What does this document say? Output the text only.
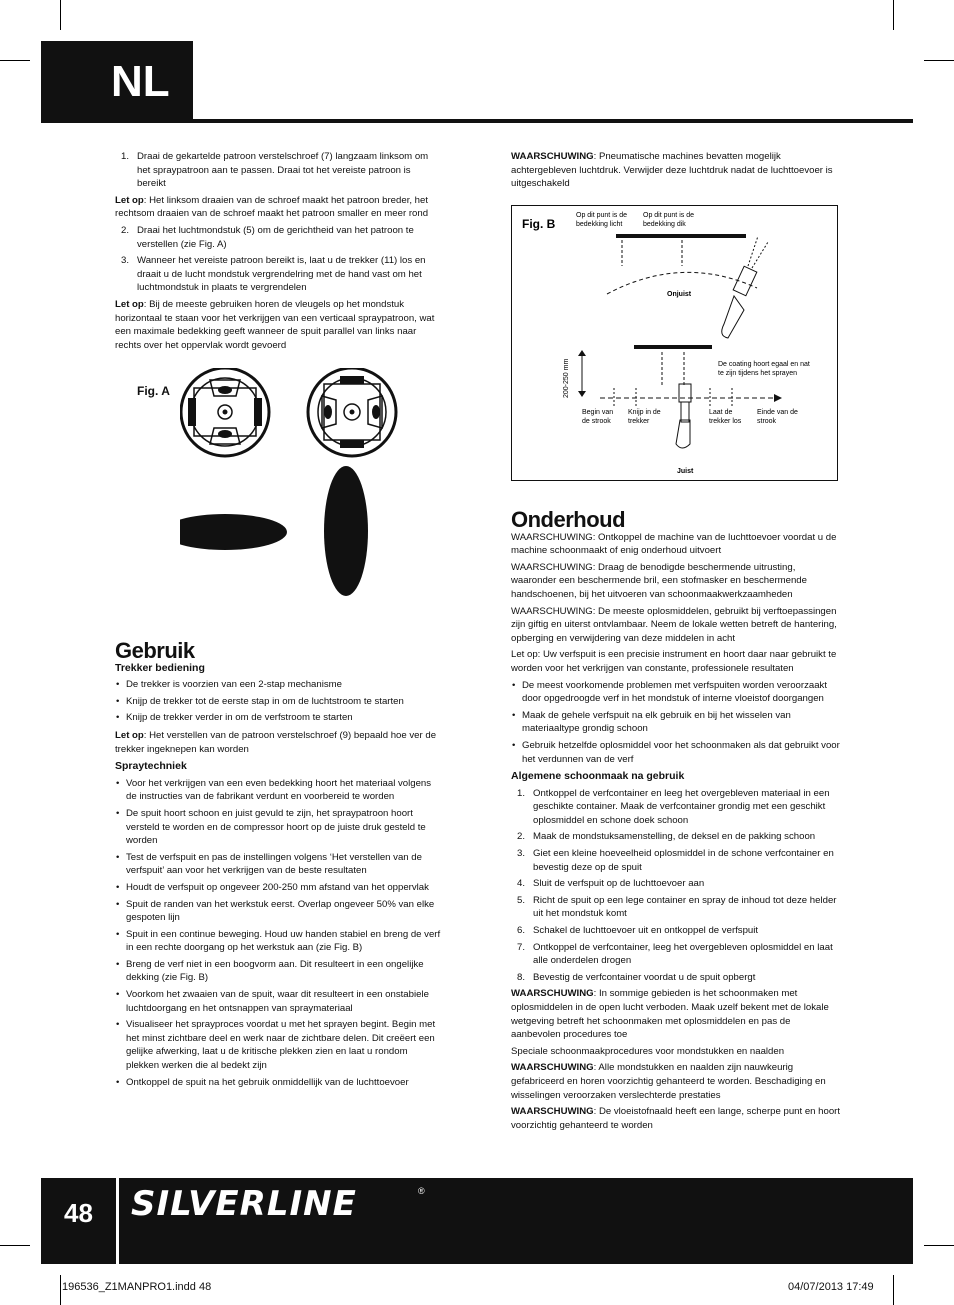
NL
1. Draai de gekartelde patroon verstelschroef (7) langzaam linksom om het spraypatroon aan te passen. Draai tot het vereiste patroon is bereikt

Let op: Het linksom draaien van de schroef maakt het patroon breder, het rechtsom draaien van de schroef maakt het patroon smaller en meer rond

2. Draai het luchtmondstuk (5) om de gerichtheid van het patroon te verstellen (zie Fig. A)
3. Wanneer het vereiste patroon bereikt is, laat u de trekker (11) los en draait u de lucht mondstuk vergrendelring met de hand vast om het luchtmondstuk in plaats te vergrendelen

Let op: Bij de meeste gebruiken horen de vleugels op het mondstuk horizontaal te staan voor het verkrijgen van een verticaal spraypatroon, wat een maximale bedekking geeft wanneer de spuit parallel van links naar rechts over het oppervlak wordt gevoerd

Fig. A
Gebruik
Trekker bediening
• De trekker is voorzien van een 2-stap mechanisme
• Knijp de trekker tot de eerste stap in om de luchtstroom te starten
• Knijp de trekker verder in om de verfstroom te starten

Let op: Het verstellen van de patroon verstelschroef (9) bepaald hoe ver de trekker ingeknepen kan worden

Spraytechniek
• Voor het verkrijgen van een even bedekking hoort het materiaal volgens de instructies van de fabrikant verdunt en voorbereid te worden
• De spuit hoort schoon en juist gevuld te zijn, het spraypatroon hoort versteld te worden en de compressor hoort op de juiste druk gesteld te worden
• Test de verfspuit en pas de instellingen volgens ‘Het verstellen van de verfspuit’ aan voor het verkrijgen van de beste resultaten
• Houdt de verfspuit op ongeveer 200-250 mm afstand van het oppervlak
• Spuit de randen van het werkstuk eerst. Overlap ongeveer 50% van elke gespoten lijn
• Spuit in een continue beweging. Houd uw handen stabiel en breng de verf in een rechte doorgang op het werkstuk aan (zie Fig. B)
• Breng de verf niet in een boogvorm aan. Dit resulteert in een ongelijke dekking (zie Fig. B)
• Voorkom het zwaaien van de spuit, waar dit resulteert in een onstabiele luchtdoorgang en het ontsnappen van spraymateriaal
• Visualiseer het sprayproces voordat u met het sprayen begint. Begin met het minst zichtbare deel en werk naar de zichtbare delen. Dit creëert een gelijke afwerking, laat u de kritische plekken zien en laat u rondom plekken werken die al bedekt zijn
• Ontkoppel de spuit na het gebruik onmiddellijk van de luchttoevoer

WAARSCHUWING: Pneumatische machines bevatten mogelijk achtergebleven luchtdruk. Verwijder deze luchtdruk nadat de luchttoevoer is uitgeschakeld

Fig. B
Op dit punt is de
bedekking licht
Op dit punt is de
bedekking dik
Onjuist
De coating hoort egaal en nat
te zijn tijdens het sprayen
200-250 mm
Begin van
de strook
Knijp in de
trekker
Laat de
trekker los
Einde van de
strook
Juist
Onderhoud

WAARSCHUWING: Ontkoppel de machine van de luchttoevoer voordat u de machine schoonmaakt of enig onderhoud uitvoert

WAARSCHUWING: Draag de benodigde beschermende uitrusting, waaronder een beschermende bril, een stofmasker en beschermende handschoenen, bij het uitvoeren van schoonmaakwerkzaamheden

WAARSCHUWING: De meeste oplosmiddelen, gebruikt bij verftoepassingen zijn giftig en uiterst ontvlambaar. Neem de lokale wetten betreft de hantering, opberging en verwijdering van deze middelen in acht

Let op: Uw verfspuit is een precisie instrument en hoort daar naar gebruikt te worden voor het verkrijgen van constante, professionele resultaten

• De meest voorkomende problemen met verfspuiten worden veroorzaakt door opgedroogde verf in het mondstuk of interne vloeistof doorgangen
• Maak de gehele verfspuit na elk gebruik en bij het wisselen van materiaaltype grondig schoon
• Gebruik hetzelfde oplosmiddel voor het schoonmaken als dat gebruikt voor het verdunnen van de verf
Algemene schoonmaak na gebruik
1. Ontkoppel de verfcontainer en leeg het overgebleven materiaal in een geschikte container. Maak de verfcontainer grondig met een geschikt oplosmiddel en schone doek schoon
2. Maak de mondstuksamenstelling, de deksel en de pakking schoon
3. Giet een kleine hoeveelheid oplosmiddel in de schone verfcontainer en bevestig deze op de spuit
4. Sluit de verfspuit op de luchttoevoer aan
5. Richt de spuit op een lege container en spray de inhoud tot deze helder uit het mondstuk komt
6. Schakel de luchttoevoer uit en ontkoppel de verfspuit
7. Ontkoppel de verfcontainer, leeg het overgebleven oplosmiddel en laat alle onderdelen drogen
8. Bevestig de verfcontainer voordat u de spuit opbergt

WAARSCHUWING: In sommige gebieden is het schoonmaken met oplosmiddelen in de open lucht verboden. Maak uzelf bekent met de lokale wetgeving betreft het schoonmaken met oplosmiddelen en pas de aanbevolen procedures toe

Speciale schoonmaakprocedures voor mondstukken en naalden

WAARSCHUWING: Alle mondstukken en naalden zijn nauwkeurig gefabriceerd en horen voorzichtig gehanteerd te worden. Beschadiging en wisselingen veroorzaken verslechterde prestaties

WAARSCHUWING: De vloeistofnaald heeft een lange, scherpe punt en hoort voorzichtig gehanteerd te worden

48	SILVERLINE	®
196536_Z1MANPRO1.indd 48	04/07/2013 17:49
